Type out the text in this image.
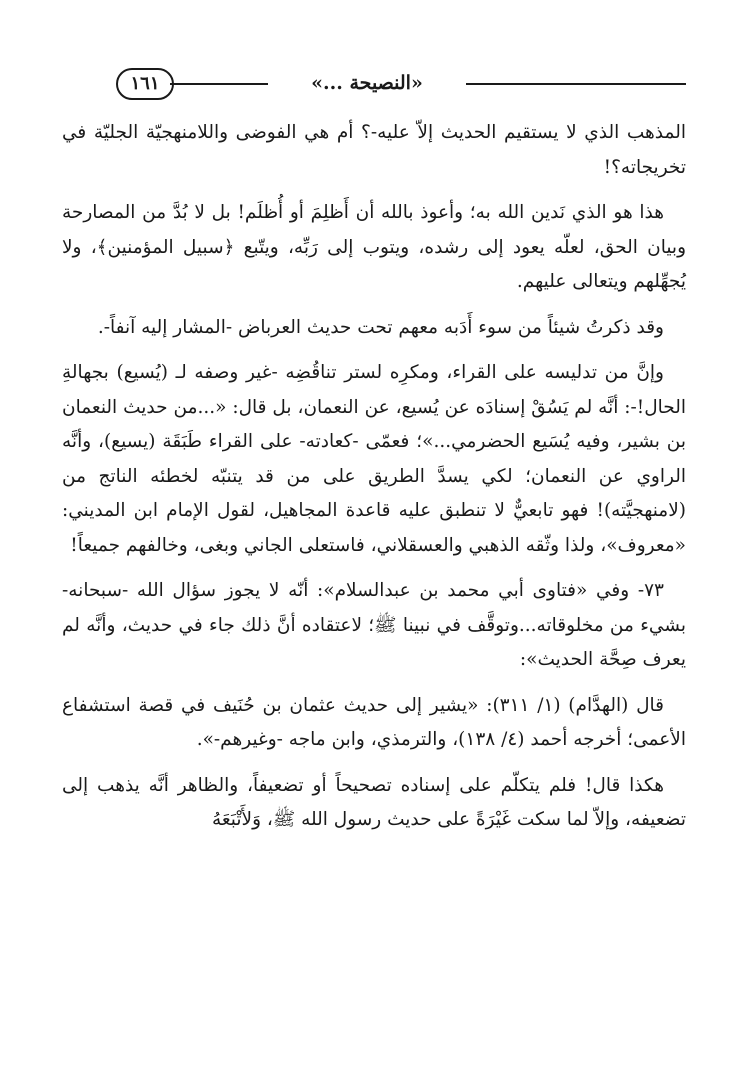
١٦١	«النصيحة ...»

المذهب الذي لا يستقيم الحديث إلاّ عليه-؟ أم هي الفوضى واللامنهجيّة الجليّة في تخريجاته؟!

هذا هو الذي نَدين الله به؛ وأعوذ بالله أن أَظلِمَ أو أُظلَم! بل لا بُدَّ من المصارحة وبيان الحق، لعلّه يعود إلى رشده، ويتوب إلى رَبِّه، ويتّبع ﴿سبيل المؤمنين﴾، ولا يُجهِّلهم ويتعالى عليهم.

وقد ذكرتُ شيئاً من سوء أَدَبه معهم تحت حديث العرباض -المشار إليه آنفاً-.

وإنَّ من تدليسه على القراء، ومكرِه لستر تناقُضِه -غير وصفه لـ (يُسيع) بجهالةِ الحال!-: أنَّه لم يَسُقْ إسنادَه عن يُسيع، عن النعمان، بل قال: «...من حديث النعمان بن بشير، وفيه يُسَيع الحضرمي...»؛ فعمّى -كعادته- على القراء طَبَقَة (يسيع)، وأنَّه الراوي عن النعمان؛ لكي يسدَّ الطريق على من قد يتنبّه لخطئه الناتج من (لامنهجيَّته)! فهو تابعيٌّ لا تنطبق عليه قاعدة المجاهيل، لقول الإمام ابن المديني: «معروف»، ولذا وثّقه الذهبي والعسقلاني، فاستعلى الجاني وبغى، وخالفهم جميعاً!

٧٣- وفي «فتاوى أبي محمد بن عبدالسلام»: أنّه لا يجوز سؤال الله -سبحانه- بشيء من مخلوقاته...وتوقَّف في نبينا ﷺ؛ لاعتقاده أنَّ ذلك جاء في حديث، وأنَّه لم يعرف صِحَّة الحديث»:

قال (الهدَّام) (١/ ٣١١): «يشير إلى حديث عثمان بن حُنَيف في قصة استشفاع الأعمى؛ أخرجه أحمد (٤/ ١٣٨)، والترمذي، وابن ماجه -وغيرهم-».

هكذا قال! فلم يتكلّم على إسناده تصحيحاً أو تضعيفاً، والظاهر أنَّه يذهب إلى تضعيفه، وإلاّ لما سكت غَيْرَةً على حديث رسول الله ﷺ، وَلأَتْبَعَهُ
